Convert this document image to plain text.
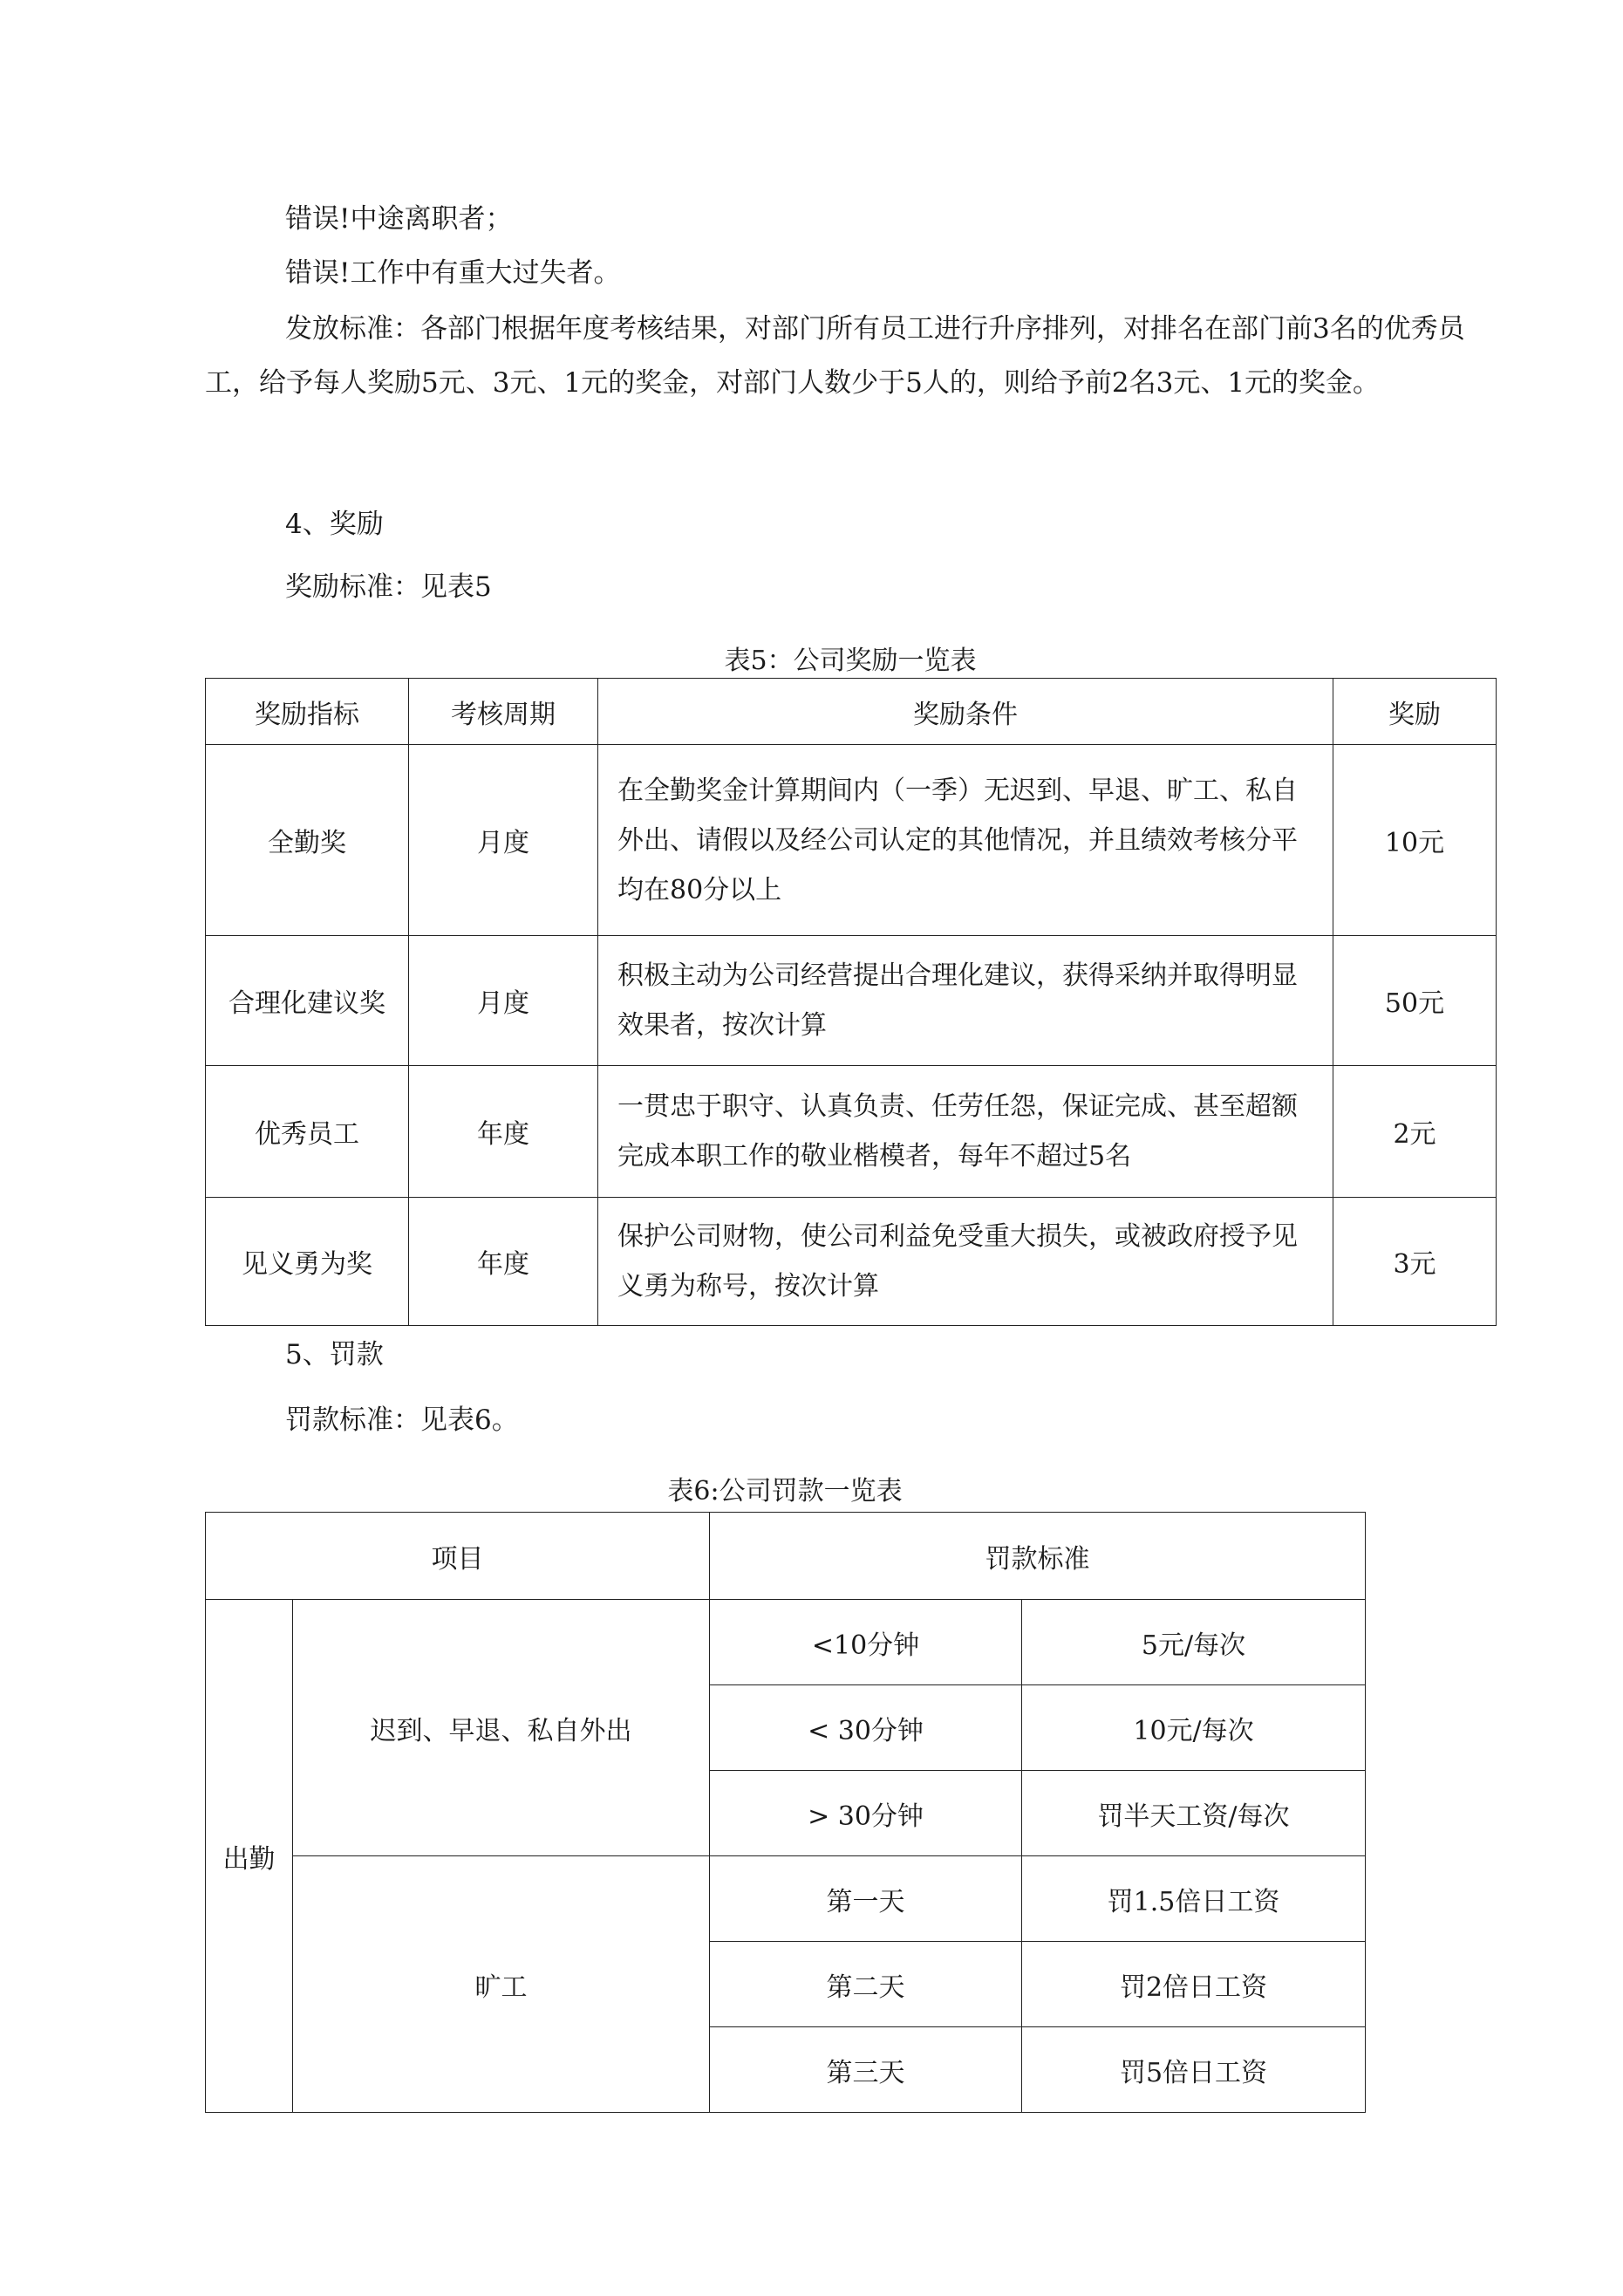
错误!中途离职者；

错误!工作中有重大过失者。

发放标准：各部门根据年度考核结果，对部门所有员工进行升序排列，对排名在部门前3名的优秀员工，给予每人奖励5元、3元、1元的奖金，对部门人数少于5人的，则给予前2名3元、1元的奖金。

4、奖励

奖励标准：见表5

表5：公司奖励一览表

奖励指标	考核周期	奖励条件	奖励
全勤奖	月度	在全勤奖金计算期间内（一季）无迟到、早退、旷工、私自外出、请假以及经公司认定的其他情况，并且绩效考核分平均在80分以上	10元
合理化建议奖	月度	积极主动为公司经营提出合理化建议，获得采纳并取得明显效果者，按次计算	50元
优秀员工	年度	一贯忠于职守、认真负责、任劳任怨，保证完成、甚至超额完成本职工作的敬业楷模者，每年不超过5名	2元
见义勇为奖	年度	保护公司财物，使公司利益免受重大损失，或被政府授予见义勇为称号，按次计算	3元

5、罚款

罚款标准：见表6。

表6:公司罚款一览表

项目		罚款标准	
出勤	迟到、早退、私自外出	<10分钟	5元/每次
		< 30分钟	10元/每次
		> 30分钟	罚半天工资/每次
	旷工	第一天	罚1.5倍日工资
		第二天	罚2倍日工资
		第三天	罚5倍日工资
